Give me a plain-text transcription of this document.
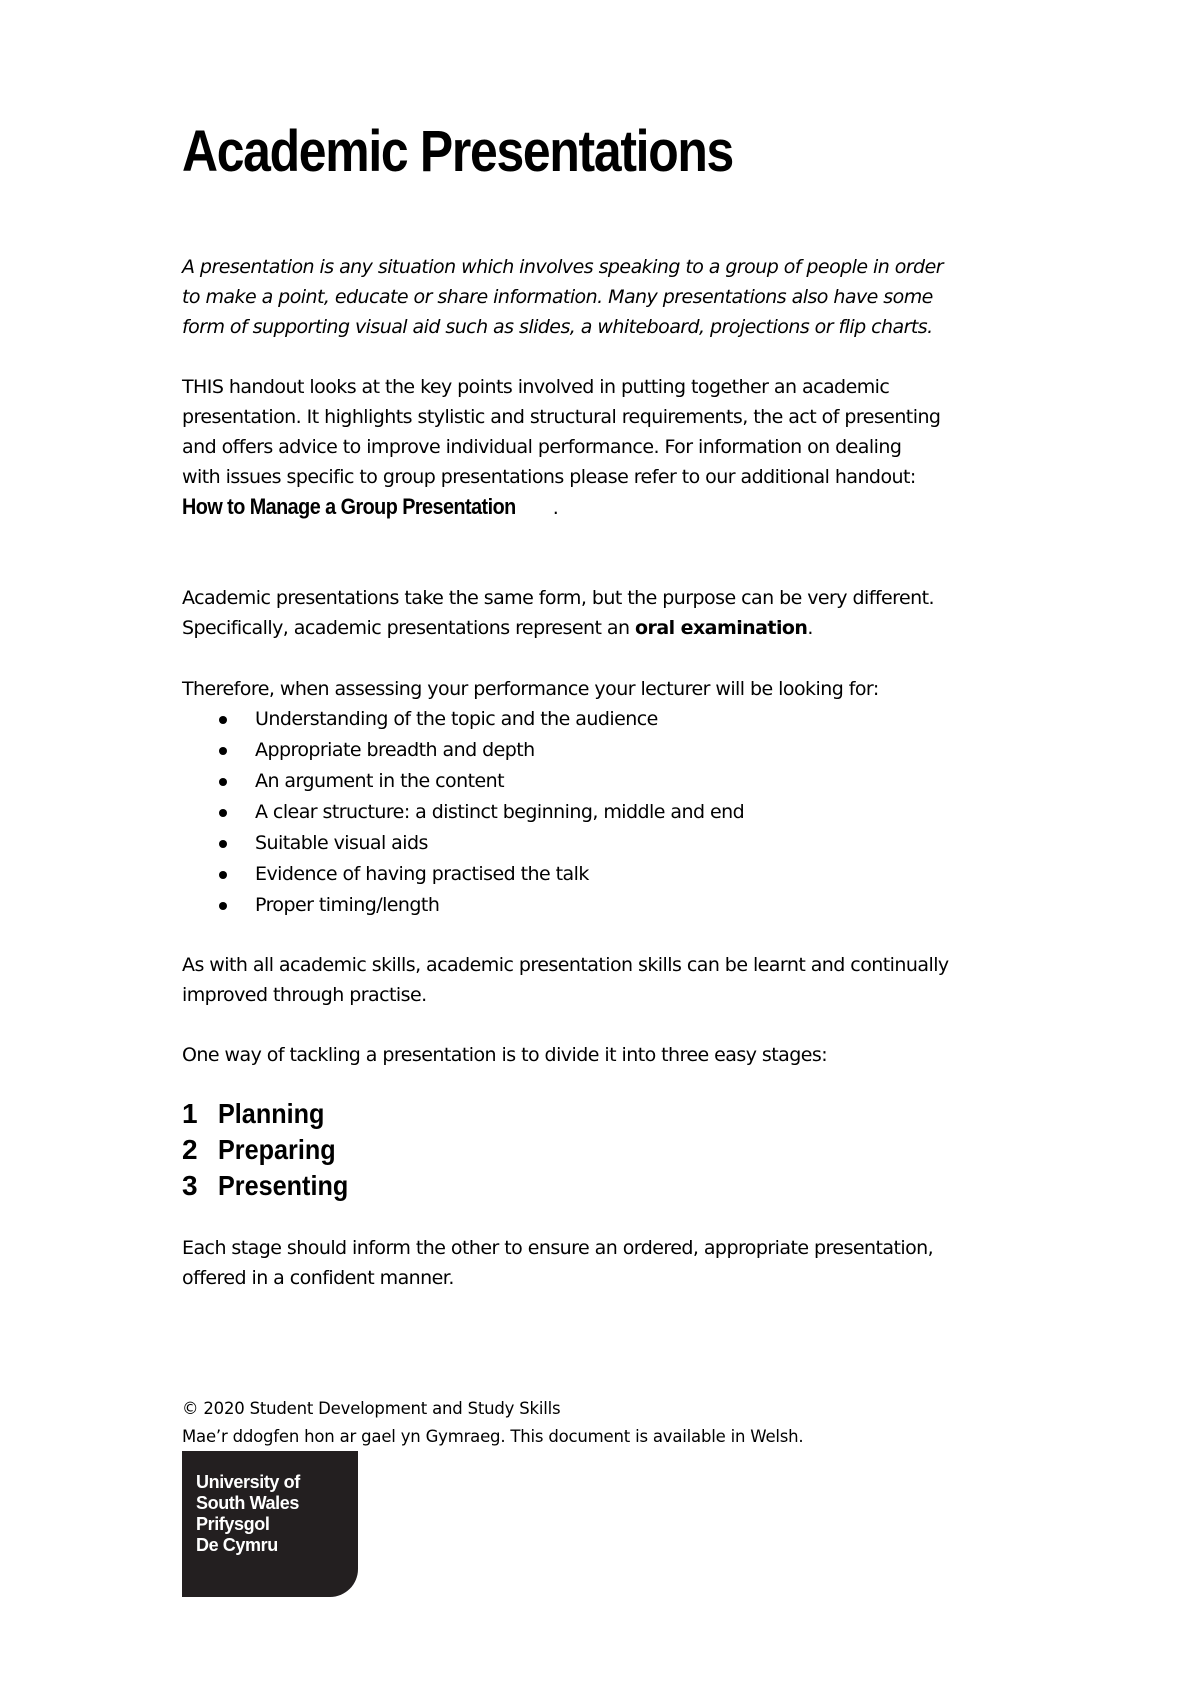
Academic Presentations

A presentation is any situation which involves speaking to a group of people in order
to make a point, educate or share information. Many presentations also have some
form of supporting visual aid such as slides, a whiteboard, projections or flip charts.

THIS handout looks at the key points involved in putting together an academic
presentation. It highlights stylistic and structural requirements, the act of presenting
and offers advice to improve individual performance. For information on dealing
with issues specific to group presentations please refer to our additional handout:
How to Manage a Group Presentation .

Academic presentations take the same form, but the purpose can be very different.
Specifically, academic presentations represent an oral examination.

Therefore, when assessing your performance your lecturer will be looking for:

Understanding of the topic and the audience
Appropriate breadth and depth
An argument in the content
A clear structure: a distinct beginning, middle and end
Suitable visual aids
Evidence of having practised the talk
Proper timing/length

As with all academic skills, academic presentation skills can be learnt and continually
improved through practise.

One way of tackling a presentation is to divide it into three easy stages:

1 Planning
2 Preparing
3 Presenting

Each stage should inform the other to ensure an ordered, appropriate presentation,
offered in a confident manner.

© 2020 Student Development and Study Skills
Mae’r ddogfen hon ar gael yn Gymraeg. This document is available in Welsh.
University of
South Wales
Prifysgol
De Cymru
